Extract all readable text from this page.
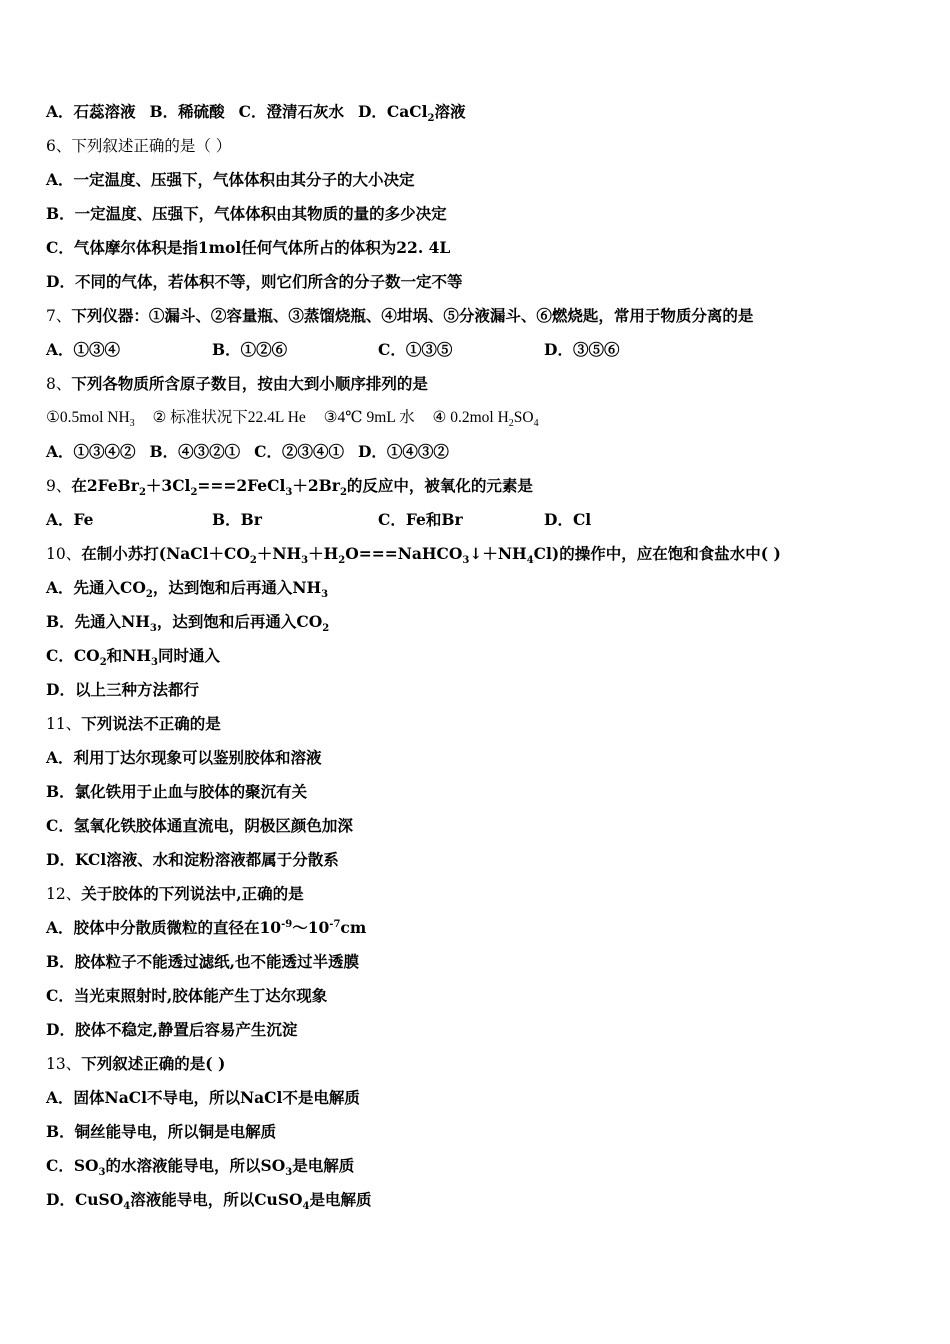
A．石蕊溶液 B．稀硫酸 C．澄清石灰水 D．CaCl$_2$溶液
6、下列叙述正确的是（ ）
A．一定温度、压强下，气体体积由其分子的大小决定
B．一定温度、压强下，气体体积由其物质的量的多少决定
C．气体摩尔体积是指1mol任何气体所占的体积为22. 4L
D．不同的气体，若体积不等，则它们所含的分子数一定不等
7、下列仪器：①漏斗、②容量瓶、③蒸馏烧瓶、④坩埚、⑤分液漏斗、⑥燃烧匙，常用于物质分离的是
A．①③④	B．①②⑥	C．①③⑤	D．③⑤⑥
8、下列各物质所含原子数目，按由大到小顺序排列的是
①0.5mol $NH_3$ ② 标准状况下22.4L He ③4℃ 9mL 水 ④ 0.2mol $H_2SO_4$
A．①③④② B．④③②① C．②③④① D．①④③②
9、在$2FeBr_2+3Cl_2===2FeCl_3+2Br_2$的反应中，被氧化的元素是
A．Fe	B．Br	C．Fe和Br	D．Cl
10、在制小苏打$(NaCl+CO_2+NH_3+H_2O===NaHCO_3↓+NH_4Cl)$的操作中，应在饱和食盐水中( )
A．先通入$CO_2$，达到饱和后再通入$NH_3$
B．先通入$NH_3$，达到饱和后再通入$CO_2$
C．$CO_2$和$NH_3$同时通入
D．以上三种方法都行
11、下列说法不正确的是
A．利用丁达尔现象可以鉴别胶体和溶液
B．氯化铁用于止血与胶体的聚沉有关
C．氢氧化铁胶体通直流电，阴极区颜色加深
D．KCl溶液、水和淀粉溶液都属于分散系
12、关于胶体的下列说法中,正确的是
A．胶体中分散质微粒的直径在$10^{-9}\sim 10^{-7}cm$
B．胶体粒子不能透过滤纸,也不能透过半透膜
C．当光束照射时,胶体能产生丁达尔现象
D．胶体不稳定,静置后容易产生沉淀
13、下列叙述正确的是( )
A．固体NaCl不导电，所以NaCl不是电解质
B．铜丝能导电，所以铜是电解质
C．$SO_3$的水溶液能导电，所以$SO_3$是电解质
D．CuSO$_4$溶液能导电，所以CuSO$_4$是电解质
